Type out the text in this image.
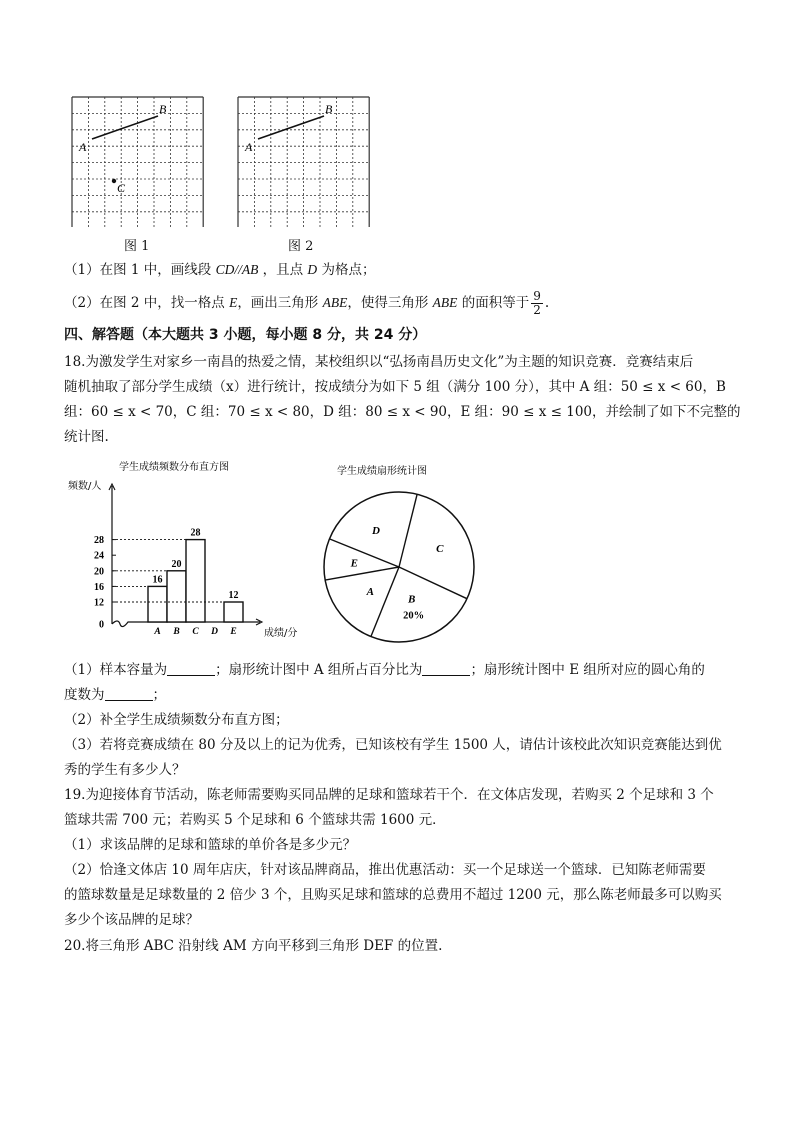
A
B
C
图 1
A
B
图 2
（1）在图 1 中，画线段 CD//AB ，且点 D 为格点；
（2）在图 2 中，找一格点 E，画出三角形 ABE，使得三角形 ABE 的面积等于 $\frac{9}{2}$ .
四、解答题（本大题共 3 小题，每小题 8 分，共 24 分）
18.为激发学生对家乡一南昌的热爱之情，某校组织以“弘扬南昌历史文化”为主题的知识竞赛．竞赛结束后
随机抽取了部分学生成绩（x）进行统计，按成绩分为如下 5 组（满分 100 分），其中 A 组：50 ≤ x < 60，B
组：60 ≤ x < 70，C 组：70 ≤ x < 80，D 组：80 ≤ x < 90，E 组：90 ≤ x ≤ 100，并绘制了如下不完整的
统计图.
学生成绩频数分布直方图
频数/人
成绩/分
0
12
16
20
24
28
A
16
B
20
C
28
D E
12
学生成绩扇形统计图
D
C
B
A
E
20%
（1）样本容量为	；扇形统计图中 A 组所占百分比为	；扇形统计图中 E 组所对应的圆心角的
度数为	；
（2）补全学生成绩频数分布直方图；
（3）若将竞赛成绩在 80 分及以上的记为优秀，已知该校有学生 1500 人，请估计该校此次知识竞赛能达到优
秀的学生有多少人？
19.为迎接体育节活动，陈老师需要购买同品牌的足球和篮球若干个．在文体店发现，若购买 2 个足球和 3 个
篮球共需 700 元；若购买 5 个足球和 6 个篮球共需 1600 元．
（1）求该品牌的足球和篮球的单价各是多少元？
（2）恰逢文体店 10 周年店庆，针对该品牌商品，推出优惠活动：买一个足球送一个篮球．已知陈老师需要
的篮球数量是足球数量的 2 倍少 3 个，且购买足球和篮球的总费用不超过 1200 元，那么陈老师最多可以购买
多少个该品牌的足球？
20.将三角形 ABC 沿射线 AM 方向平移到三角形 DEF 的位置.
